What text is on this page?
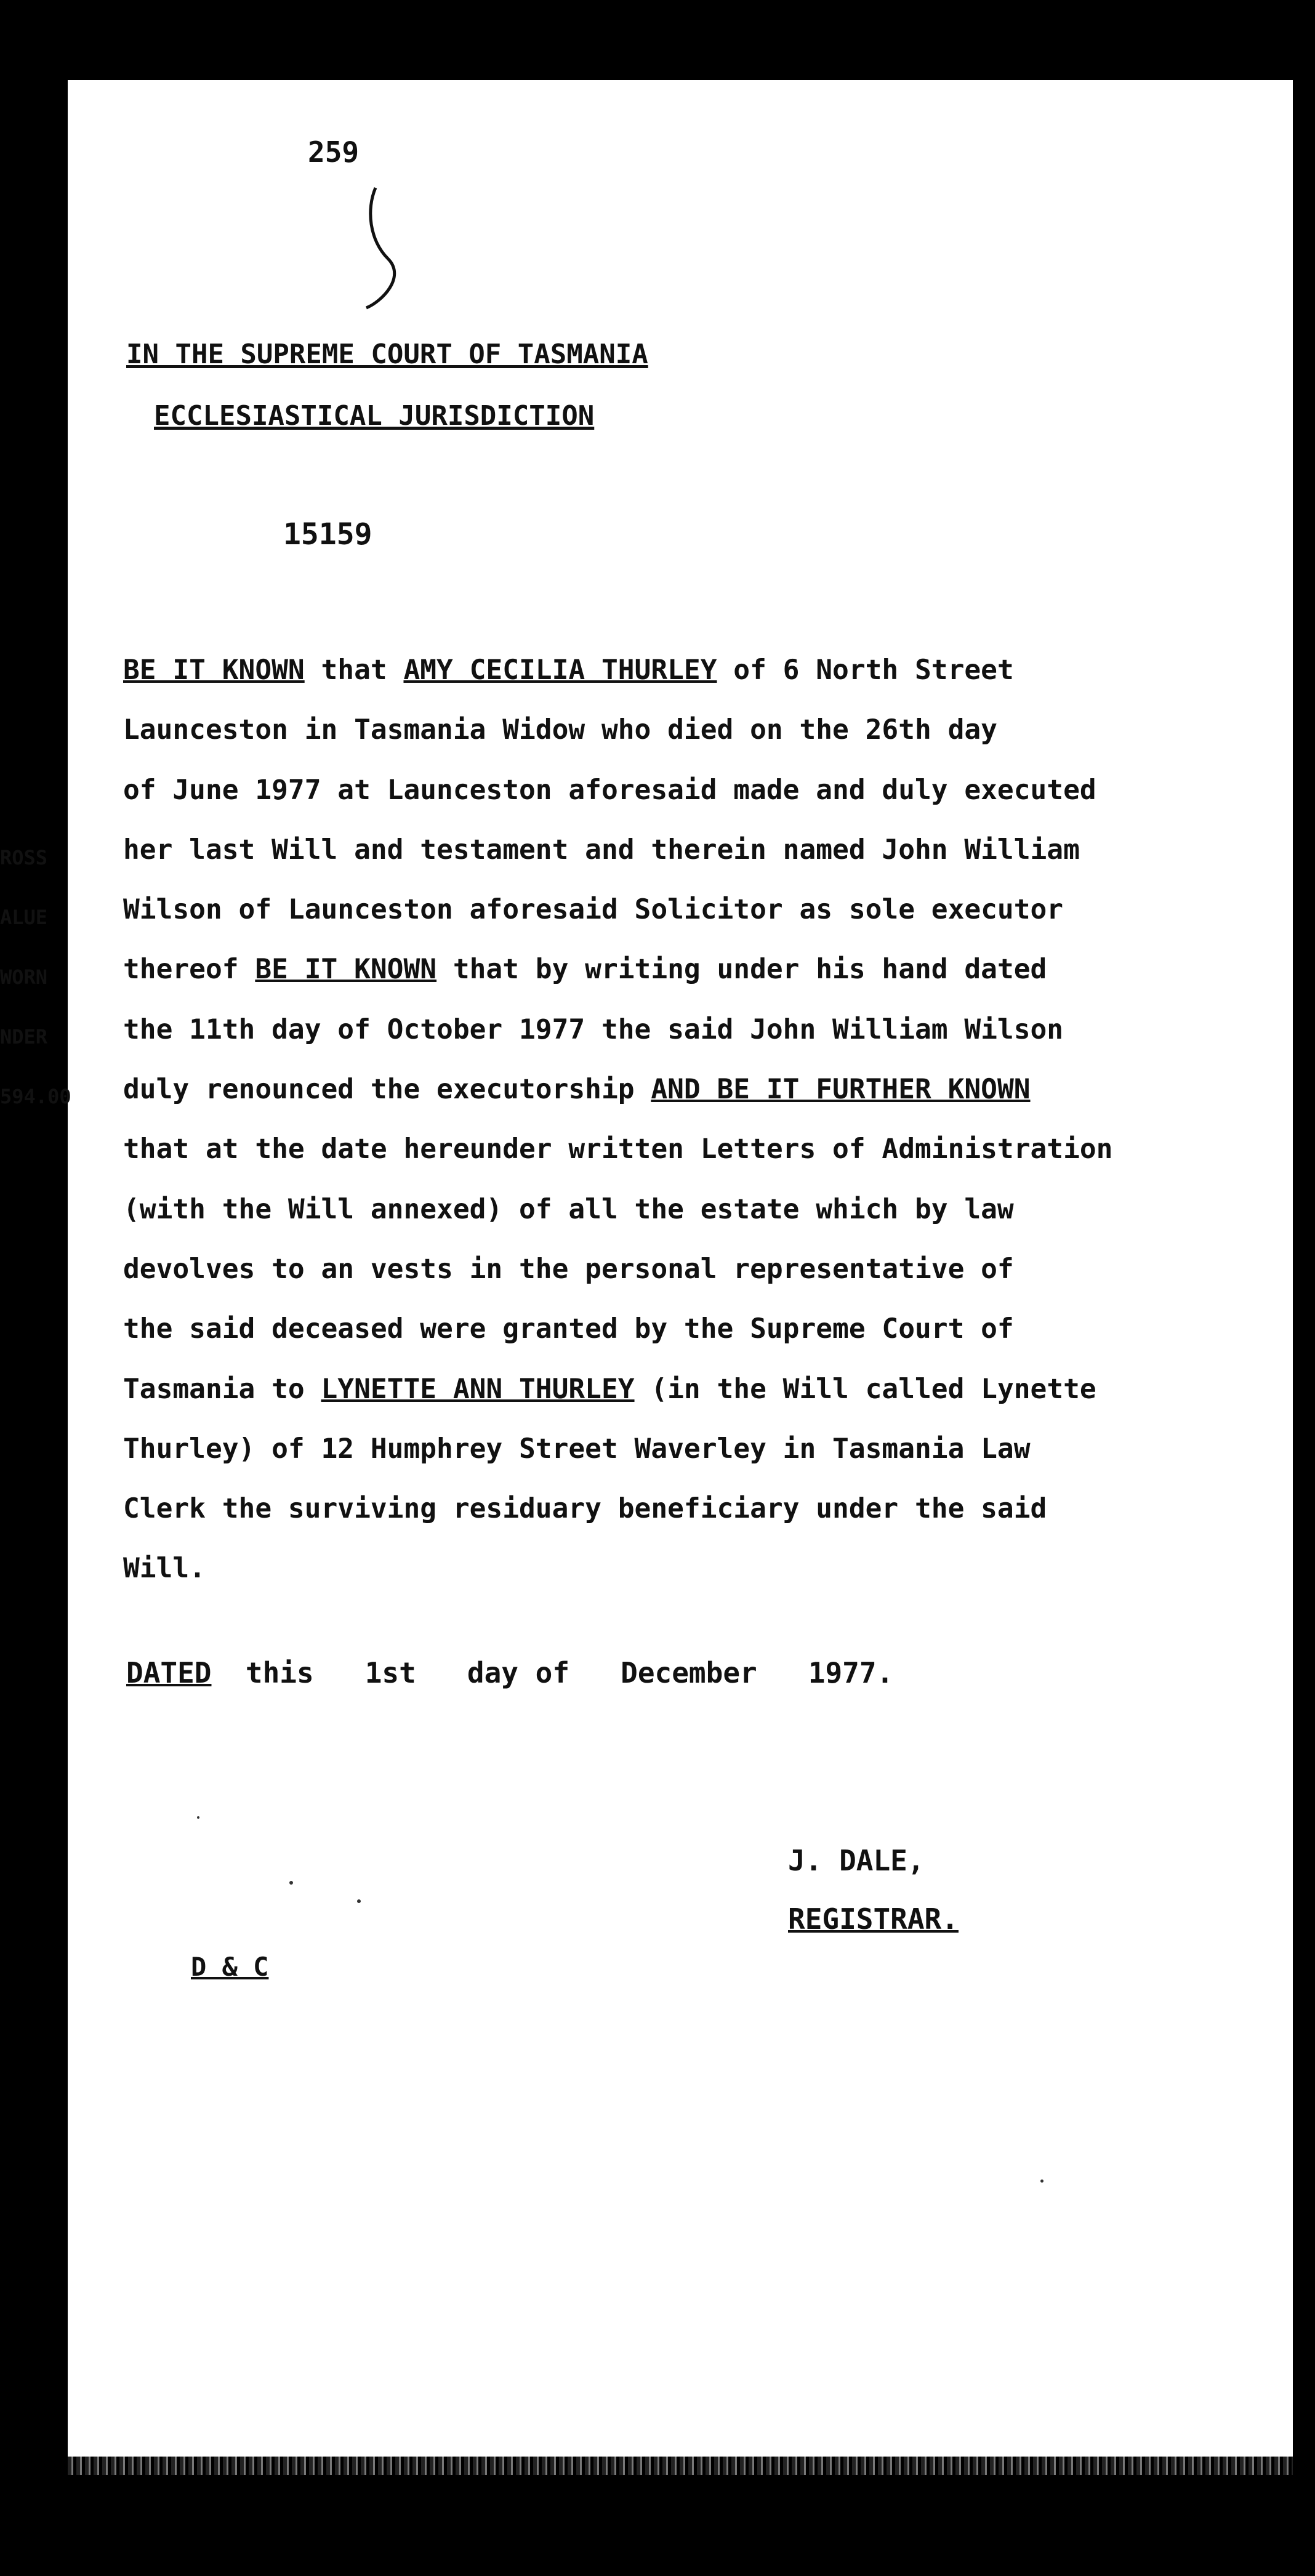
259
IN THE SUPREME COURT OF TASMANIA
ECCLESIASTICAL JURISDICTION
15159
ROSS
ALUE
WORN
NDER
594.00
BE IT KNOWN that AMY CECILIA THURLEY of 6 North Street
Launceston in Tasmania Widow who died on the 26th day
of June 1977 at Launceston aforesaid made and duly executed
her last Will and testament and therein named John William
Wilson of Launceston aforesaid Solicitor as sole executor
thereof BE IT KNOWN that by writing under his hand dated
the 11th day of October 1977 the said John William Wilson
duly renounced the executorship AND BE IT FURTHER KNOWN
that at the date hereunder written Letters of Administration
(with the Will annexed) of all the estate which by law
devolves to an vests in the personal representative of
the said deceased were granted by the Supreme Court of
Tasmania to LYNETTE ANN THURLEY (in the Will called Lynette
Thurley) of 12 Humphrey Street Waverley in Tasmania Law
Clerk the surviving residuary beneficiary under the said
Will.
DATED  this   1st   day of   December   1977.
J. DALE,
REGISTRAR.
D & C
